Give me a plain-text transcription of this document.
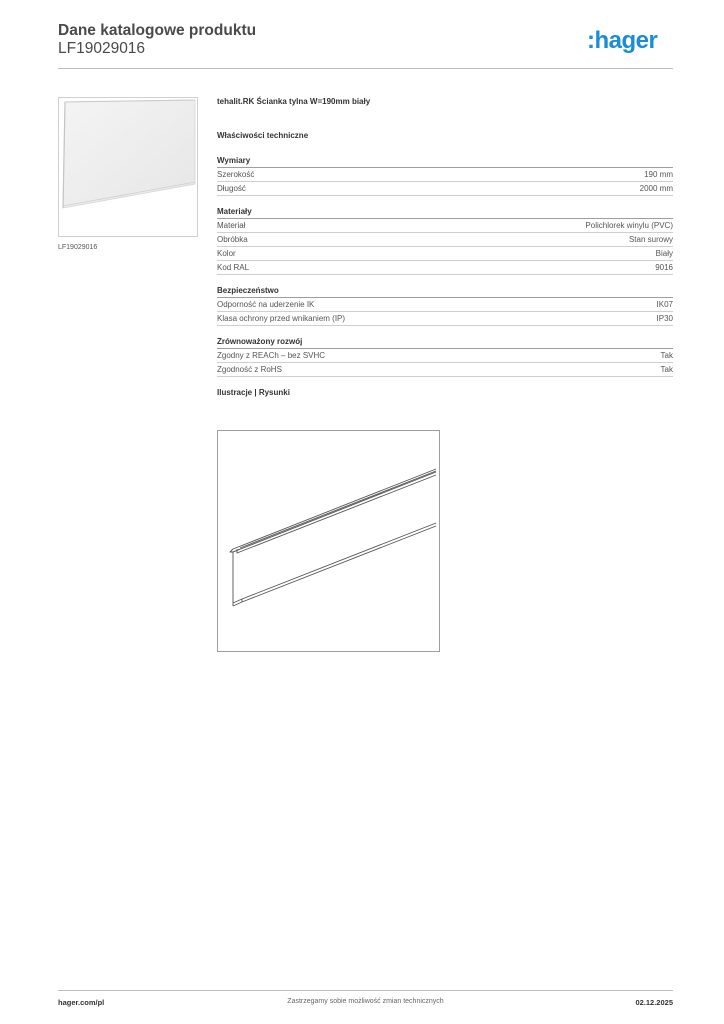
Dane katalogowe produktu
LF19029016	:hager
LF19029016
tehalit.RK Ścianka tylna W=190mm biały
Właściwości techniczne
Wymiary
Szerokość	190 mm
Długość	2000 mm
Materiały
Materiał	Polichlorek winylu (PVC)
Obróbka	Stan surowy
Kolor	Biały
Kod RAL	9016
Bezpieczeństwo
Odporność na uderzenie IK	IK07
Klasa ochrony przed wnikaniem (IP)	IP30
Zrównoważony rozwój
Zgodny z REACh – bez SVHC	Tak
Zgodność z RoHS	Tak
Ilustracje | Rysunki
Zastrzegamy sobie możliwość zmian technicznych
hager.com/pl	02.12.2025
